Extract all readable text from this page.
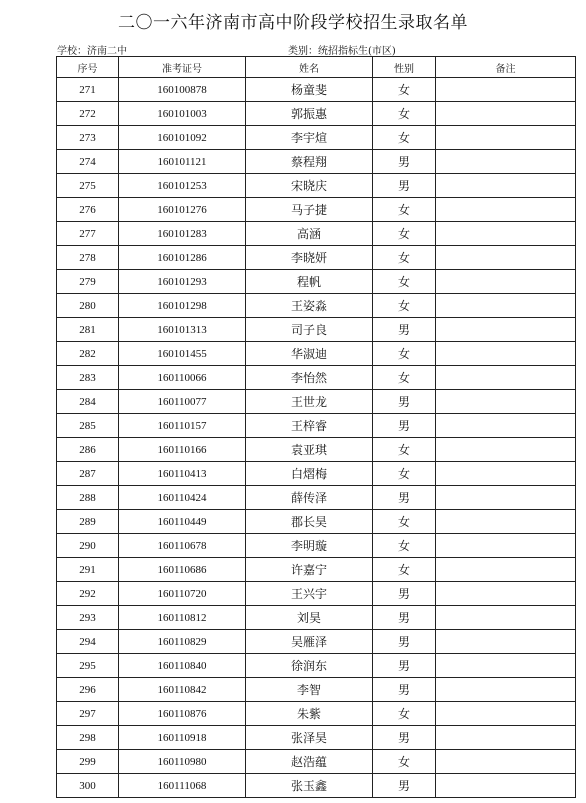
二〇一六年济南市高中阶段学校招生录取名单
学校：济南二中	类别：统招指标生(市区)
序号	准考证号	姓名	性别	备注
271	160100878	杨童斐	女	
272	160101003	郭振惠	女	
273	160101092	李宇煊	女	
274	160101121	蔡程翔	男	
275	160101253	宋晓庆	男	
276	160101276	马子捷	女	
277	160101283	高涵	女	
278	160101286	李晓妍	女	
279	160101293	程帆	女	
280	160101298	王姿淼	女	
281	160101313	司子良	男	
282	160101455	华淑迪	女	
283	160110066	李怡然	女	
284	160110077	王世龙	男	
285	160110157	王梓睿	男	
286	160110166	袁亚琪	女	
287	160110413	白熠梅	女	
288	160110424	薛传泽	男	
289	160110449	郡长昊	女	
290	160110678	李明璇	女	
291	160110686	许嘉宁	女	
292	160110720	王兴宇	男	
293	160110812	刘昊	男	
294	160110829	吴雁泽	男	
295	160110840	徐润东	男	
296	160110842	李智	男	
297	160110876	朱紫	女	
298	160110918	张泽昊	男	
299	160110980	赵浩蕴	女	
300	160111068	张玉鑫	男	
